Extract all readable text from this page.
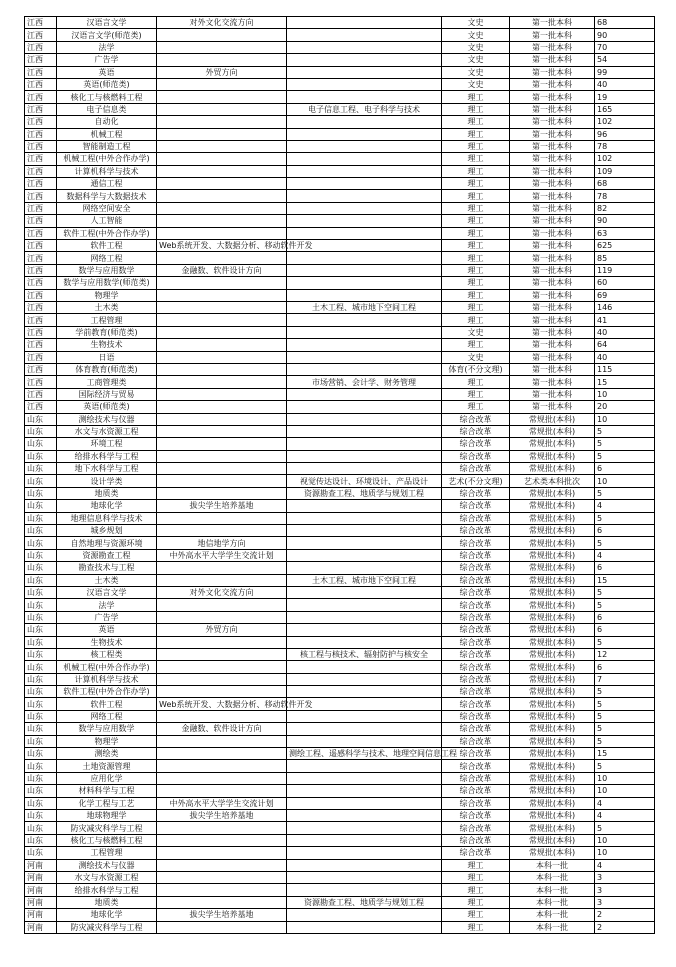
江西	汉语言文学	对外文化交流方向		文史	第一批本科	68
江西	汉语言文学(师范类)			文史	第一批本科	90
江西	法学			文史	第一批本科	70
江西	广告学			文史	第一批本科	54
江西	英语	外贸方向		文史	第一批本科	99
江西	英语(师范类)			文史	第一批本科	40
江西	核化工与核燃料工程			理工	第一批本科	19
江西	电子信息类		电子信息工程、电子科学与技术	理工	第一批本科	165
江西	自动化			理工	第一批本科	102
江西	机械工程			理工	第一批本科	96
江西	智能制造工程			理工	第一批本科	78
江西	机械工程(中外合作办学)			理工	第一批本科	102
江西	计算机科学与技术			理工	第一批本科	109
江西	通信工程			理工	第一批本科	68
江西	数据科学与大数据技术			理工	第一批本科	78
江西	网络空间安全			理工	第一批本科	82
江西	人工智能			理工	第一批本科	90
江西	软件工程(中外合作办学)			理工	第一批本科	63
江西	软件工程	Web系统开发、大数据分析、移动软件开发		理工	第一批本科	625
江西	网络工程			理工	第一批本科	85
江西	数学与应用数学	金融数、软件设计方向		理工	第一批本科	119
江西	数学与应用数学(师范类)			理工	第一批本科	60
江西	物理学			理工	第一批本科	69
江西	土木类		土木工程、城市地下空间工程	理工	第一批本科	146
江西	工程管理			理工	第一批本科	41
江西	学前教育(师范类)			文史	第一批本科	40
江西	生物技术			理工	第一批本科	64
江西	日语			文史	第一批本科	40
江西	体育教育(师范类)			体育(不分文理)	第一批本科	115
江西	工商管理类		市场营销、会计学、财务管理	理工	第一批本科	15
江西	国际经济与贸易			理工	第一批本科	10
江西	英语(师范类)			理工	第一批本科	20
山东	测绘技术与仪器			综合改革	常规批(本科)	10
山东	水文与水资源工程			综合改革	常规批(本科)	5
山东	环境工程			综合改革	常规批(本科)	5
山东	给排水科学与工程			综合改革	常规批(本科)	5
山东	地下水科学与工程			综合改革	常规批(本科)	6
山东	设计学类		视觉传达设计、环境设计、产品设计	艺术(不分文理)	艺术类本科批次	10
山东	地质类		资源勘查工程、地质学与规划工程	综合改革	常规批(本科)	5
山东	地球化学	拔尖学生培养基地		综合改革	常规批(本科)	4
山东	地理信息科学与技术			综合改革	常规批(本科)	5
山东	城乡规划			综合改革	常规批(本科)	6
山东	自然地理与资源环境	地信地学方向		综合改革	常规批(本科)	5
山东	资源勘查工程	中外高水平大学学生交流计划		综合改革	常规批(本科)	4
山东	勘查技术与工程			综合改革	常规批(本科)	6
山东	土木类		土木工程、城市地下空间工程	综合改革	常规批(本科)	15
山东	汉语言文学	对外文化交流方向		综合改革	常规批(本科)	5
山东	法学			综合改革	常规批(本科)	5
山东	广告学			综合改革	常规批(本科)	6
山东	英语	外贸方向		综合改革	常规批(本科)	6
山东	生物技术			综合改革	常规批(本科)	5
山东	核工程类		核工程与核技术、辐射防护与核安全	综合改革	常规批(本科)	12
山东	机械工程(中外合作办学)			综合改革	常规批(本科)	6
山东	计算机科学与技术			综合改革	常规批(本科)	7
山东	软件工程(中外合作办学)			综合改革	常规批(本科)	5
山东	软件工程	Web系统开发、大数据分析、移动软件开发		综合改革	常规批(本科)	5
山东	网络工程			综合改革	常规批(本科)	5
山东	数学与应用数学	金融数、软件设计方向		综合改革	常规批(本科)	5
山东	物理学			综合改革	常规批(本科)	5
山东	测绘类		测绘工程、遥感科学与技术、地理空间信息工程	综合改革	常规批(本科)	15
山东	土地资源管理			综合改革	常规批(本科)	5
山东	应用化学			综合改革	常规批(本科)	10
山东	材料科学与工程			综合改革	常规批(本科)	10
山东	化学工程与工艺	中外高水平大学学生交流计划		综合改革	常规批(本科)	4
山东	地球物理学	拔尖学生培养基地		综合改革	常规批(本科)	4
山东	防灾减灾科学与工程			综合改革	常规批(本科)	5
山东	核化工与核燃料工程			综合改革	常规批(本科)	10
山东	工程管理			综合改革	常规批(本科)	10
河南	测绘技术与仪器			理工	本科一批	4
河南	水文与水资源工程			理工	本科一批	3
河南	给排水科学与工程			理工	本科一批	3
河南	地质类		资源勘查工程、地质学与规划工程	理工	本科一批	3
河南	地球化学	拔尖学生培养基地		理工	本科一批	2
河南	防灾减灾科学与工程			理工	本科一批	2
